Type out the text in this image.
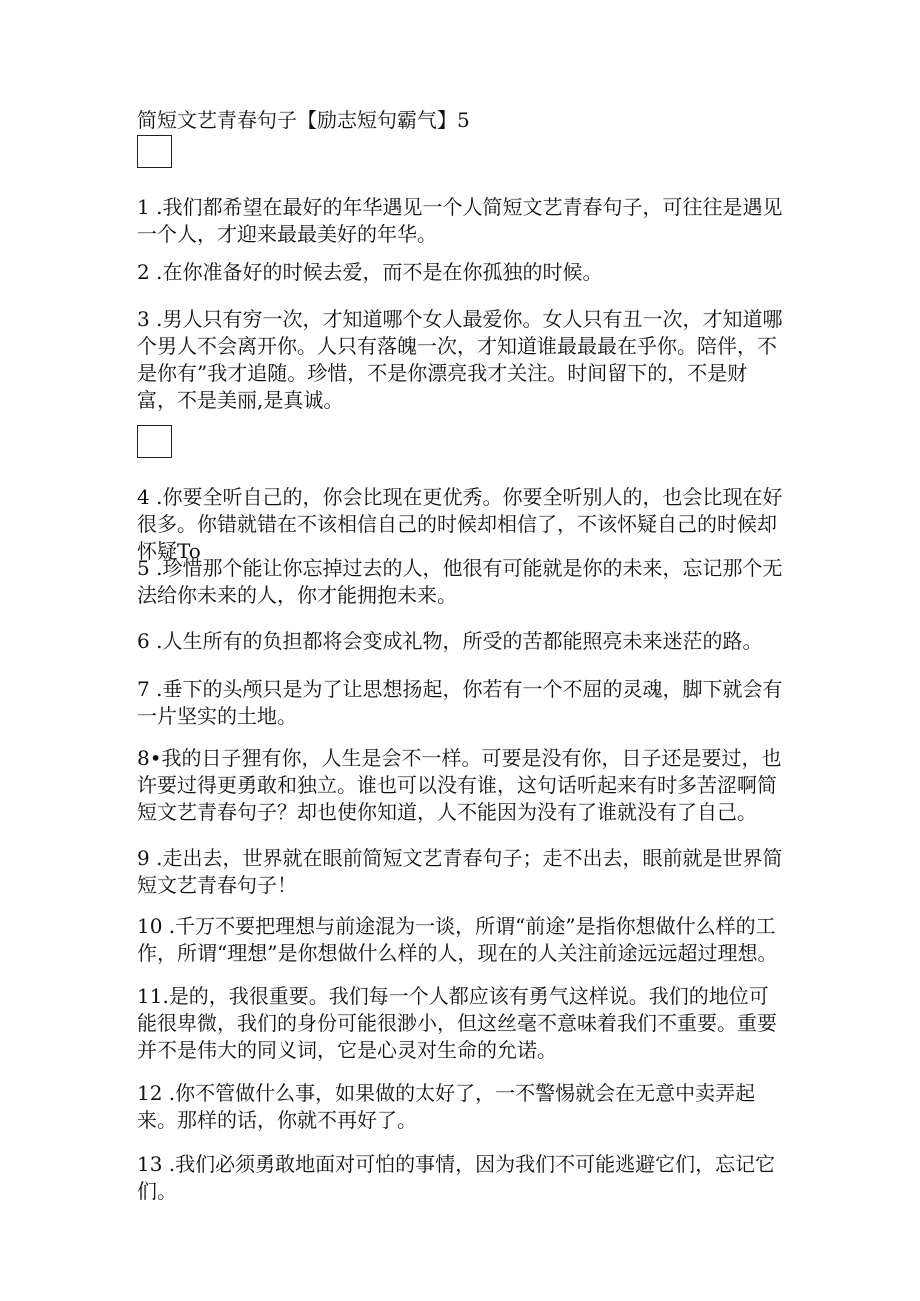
简短文艺青春句子【励志短句霸气】5

1 .我们都希望在最好的年华遇见一个人简短文艺青春句子，可往往是遇见一个人，才迎来最最美好的年华。

2 .在你准备好的时候去爱，而不是在你孤独的时候。

3 .男人只有穷一次，才知道哪个女人最爱你。女人只有丑一次，才知道哪个男人不会离开你。人只有落魄一次，才知道谁最最最在乎你。陪伴，不是你有”我才追随。珍惜，不是你漂亮我才关注。时间留下的，不是财富，不是美丽,是真诚。

4 .你要全听自己的，你会比现在更优秀。你要全听别人的，也会比现在好很多。你错就错在不该相信自己的时候却相信了，不该怀疑自己的时候却怀疑To

5 .珍惜那个能让你忘掉过去的人，他很有可能就是你的未来，忘记那个无法给你未来的人，你才能拥抱未来。

6 .人生所有的负担都将会变成礼物，所受的苦都能照亮未来迷茫的路。

7 .垂下的头颅只是为了让思想扬起，你若有一个不屈的灵魂，脚下就会有一片坚实的土地。

8•我的日子狸有你，人生是会不一样。可要是没有你，日子还是要过，也许要过得更勇敢和独立。谁也可以没有谁，这句话听起来有时多苦涩啊简短文艺青春句子？却也使你知道，人不能因为没有了谁就没有了自己。

9 .走出去，世界就在眼前简短文艺青春句子；走不出去，眼前就是世界简短文艺青春句子！

10 .千万不要把理想与前途混为一谈，所谓“前途”是指你想做什么样的工作，所谓“理想”是你想做什么样的人，现在的人关注前途远远超过理想。

11.是的，我很重要。我们每一个人都应该有勇气这样说。我们的地位可能很卑微，我们的身份可能很渺小，但这丝毫不意味着我们不重要。重要并不是伟大的同义词，它是心灵对生命的允诺。

12 .你不管做什么事，如果做的太好了，一不警惕就会在无意中卖弄起来。那样的话，你就不再好了。

13 .我们必须勇敢地面对可怕的事情，因为我们不可能逃避它们，忘记它们。
